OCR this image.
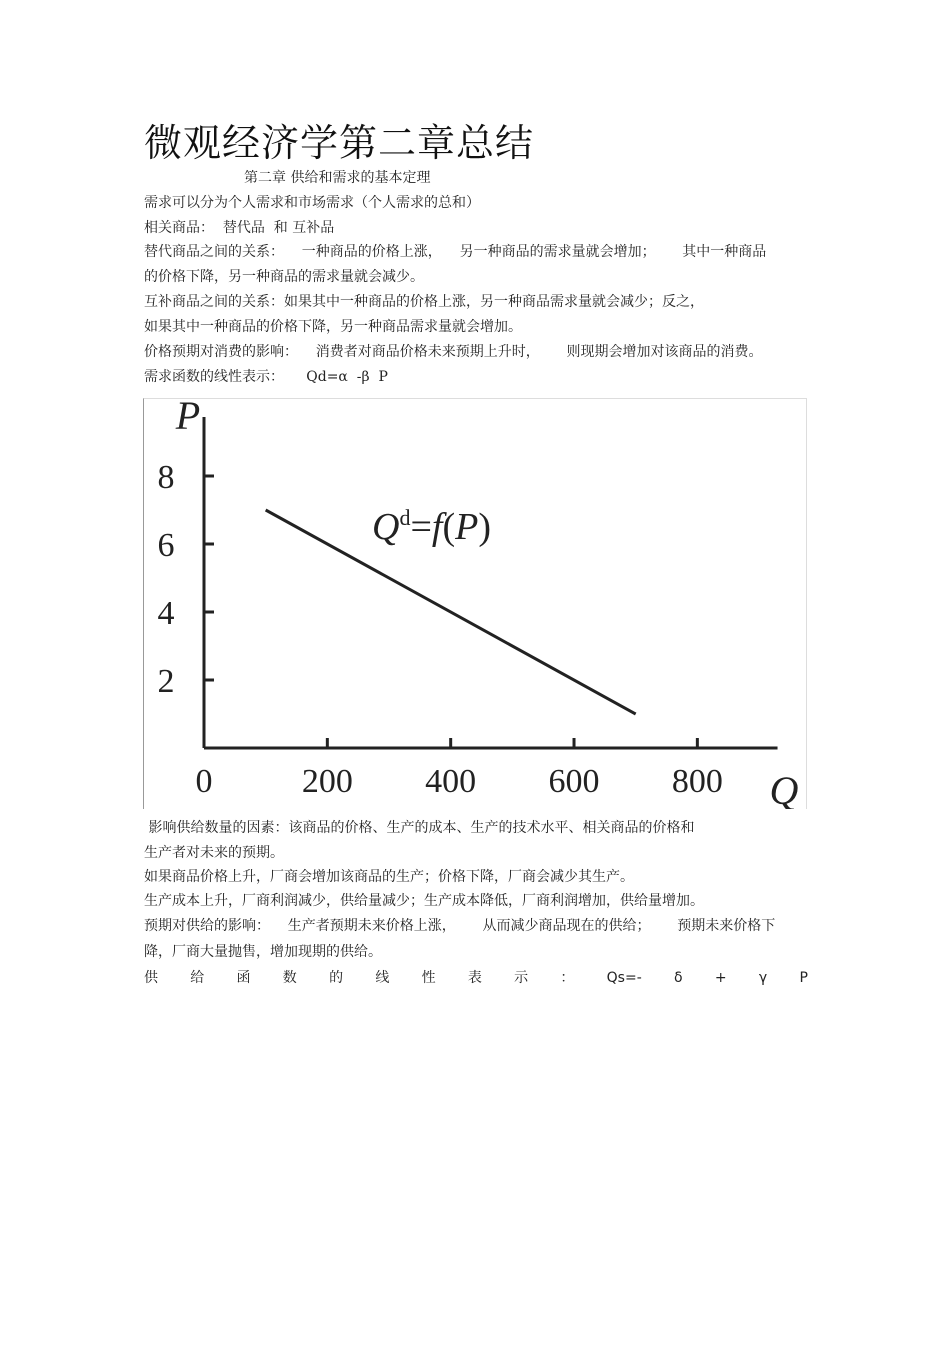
微观经济学第二章总结
第二章 供给和需求的基本定理
需求可以分为个人需求和市场需求（个人需求的总和）
相关商品：  替代品  和 互补品
替代商品之间的关系：    一种商品的价格上涨，    另一种商品的需求量就会增加；      其中一种商品
的价格下降，另一种商品的需求量就会减少。
互补商品之间的关系：如果其中一种商品的价格上涨，另一种商品需求量就会减少；反之，
如果其中一种商品的价格下降，另一种商品需求量就会增加。
价格预期对消费的影响：    消费者对商品价格未来预期上升时，      则现期会增加对该商品的消费。
需求函数的线性表示：     Qd=α  -β  P
P
Q
$Q^d=f(P)$
2
4
6
8
0	200 400 600 800
影响供给数量的因素：该商品的价格、生产的成本、生产的技术水平、相关商品的价格和
生产者对未来的预期。
如果商品价格上升，厂商会增加该商品的生产；价格下降，厂商会减少其生产。
生产成本上升，厂商利润减少，供给量减少；生产成本降低，厂商利润增加，供给量增加。
预期对供给的影响：    生产者预期未来价格上涨，      从而减少商品现在的供给；      预期未来价格下
降，厂商大量抛售，增加现期的供给。
供 给 函 数 的 线 性 表 示 ： Qs=- δ + γ P
